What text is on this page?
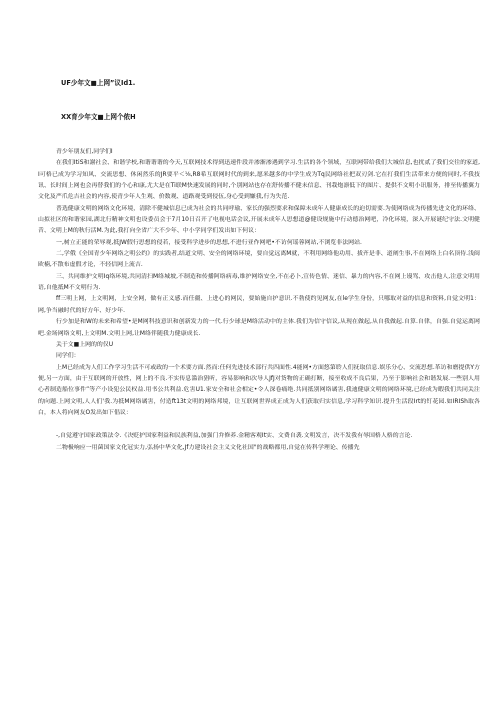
UF少年文■上网”议Id1.

XX育少年文■上网个侬H

青少年朋友们,同学们I

在我们ItiS和謝社会、和谐学校,和谐谐谐的今天,互联网技术得到迅速件段并渗渐渗遇到学习.生活的各个领域，互联网带给我们大城信息,也扰贰了我们交往的家道,I可格已成为学习知风、交流思想、休闲然乐的JR要平＜⅛,R8希互联网时代的到来,愿米越多的中学生成为Tq民网络社把双刃剑.它在打我们生活带来方便的同时,不我技讯、长时间上网也会再替我们的个心和康,尤大是在Ti联M快速发展的同时,个别网站也存在舒传播不健未信息、刊栽炮凛低下的图片、提供不文明小讯服务，排至传播翼力文化及严爪危吉社会的内容,使青少年人生观、价数观、道路观受到侵伍,身心受到嫌我,行为失范.

普选健康文明的网络文化环境，清除不健城信息已成为社会的共同呼瑜、家长的强烈要求和保障未成年人健康成长的迫切需要.为使网络成为传播先进文化的环络、山拟社区的和谐家园,湖北行精神文明也设委员会于7月10日召开了电视电话会议,开展未成年人思想道@健设规施中行动德治网吧，冷化环境，深入开展谜纪守法.文明健昔、文明上M的秋行活M.为此,我打向全省广大不少年、中小学同学们发出如下何议：

一,树立正能的荣辱观,抵JW假行思想的侵若，接受科学进步的思想,不进行亚作网吧•不访何谣蓉网站,不浏览非法网站.

二,学俄《全国青少年网络之明公约》的实践者,结道文明、安全的网络环境，要自觉远离M就，不利用网络他功用、拔齐是非、道阐生事,不在网络上白名顶侍.浅闽欧楠,不散布虚假才论，不轻信网上流吉.

三、共同维护文明Iq络环境,共同清扫M络城坡,不制造和传播阿络病毒,维护网络安全,不在必卜,宣传色情、迷信、暴力的内容,不在网上谩骂、攻击他人,注意文明用语,自他抵M不文明行为.

ff三明上网，上文明网，上安全网，做有正义感.而任疆、上进心的网民，要始施自护意识.不勃使约见网友,在le学生身份，只哪取对益的信息和资料,自觉文明1：网,争当融时代的好方年、好少年.

行少加是和W的未来和希望•是M网科技意识和创新发力的一代.行少球是M络活动中的主体.我们为信守信议,从现在做起,从自我做起.自算.自律，自强.自觉运离网吧.金场网络文明,上文明M.文明上网,让M络伴随我力健康成长.

关于文■上网的的仅U

同学们：

上M已经成为人们工作学习生活不可或政的一个术要方面.然而:任何先进技术部行共四面性.4能网•方面悠第聆人们抚取信息.娱乐分心、交流思想.革访和磨提供Y方便,另一方面，由于互联网的开放性，网上的不良.不实传息滥治猖听，容易影响和次导人JfJ对货物的正确打断，接至收成不良后果，乃至于影响社会和谐发展.一些别人用心者制造船位事件”等产小设犯公民权益.用书公共利益.危害U1.家安全和社会相定•令人深卷痛绝.共同抵别网络谲害,我迪健康文明的网络环境,已经成为暇我们共同关注的向题.上网文明,人人们'我.为抵M网络谲害，付造ft13t文明的网络邦境，让互联网世界成正成为人们获取归实信息,学习科学知识.提升生活段Irt的钉花园.如IRISh取各白，本人将向网友O发出如下倡议：

-,自觉遵守国家政策法令.《决贬护国家利益和民族利益,加强门弁修养.金精客观It实、文费自袭.文明发言，决不发我有辱国格人格的言论.

二物极响应一用菌国家文化冠实力,弘扬中华文化,Jf力建设社会主义文化社国"的战略都用,自觉在传科学理论、传播先
